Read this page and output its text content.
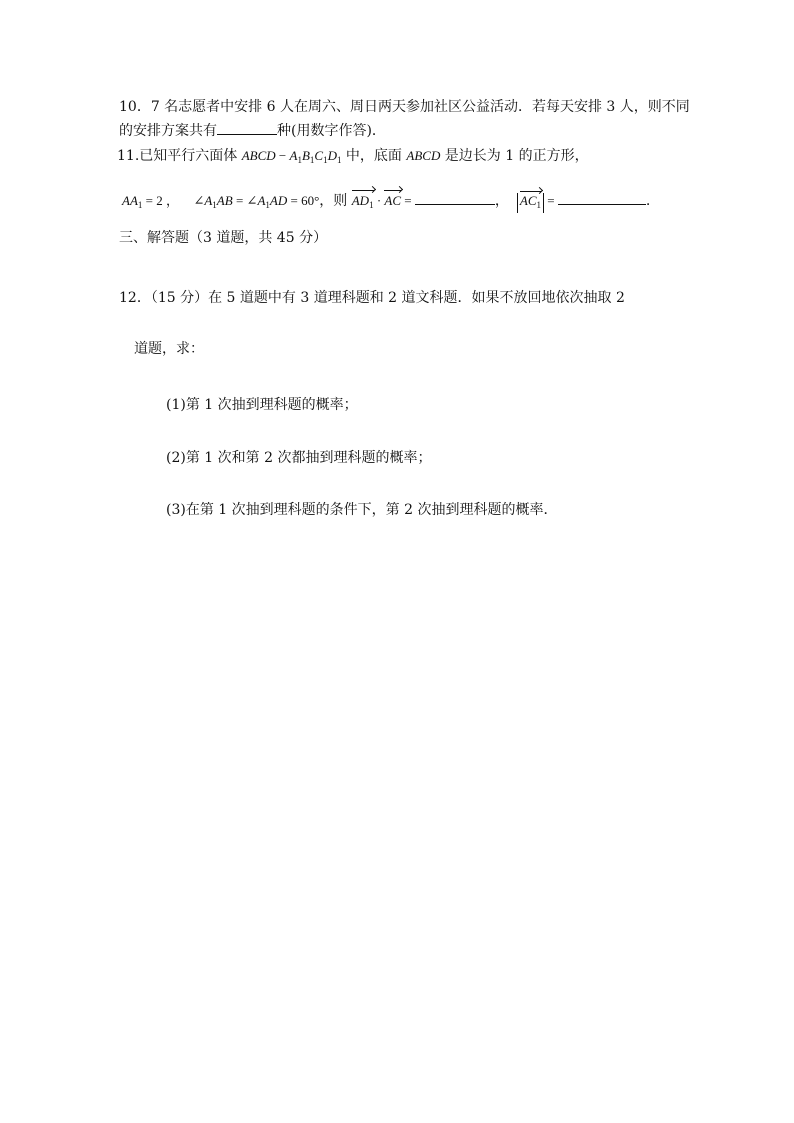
10．7 名志愿者中安排 6 人在周六、周日两天参加社区公益活动．若每天安排 3 人，则不同
的安排方案共有	种(用数字作答)．
11.已知平行六面体 ABCD − $A_1B_1C_1D_1$ 中，底面 ABCD 是边长为 1 的正方形，
$AA_1 = 2$ ， $\angle A_1AB$ = $\angle A_1AD = 60^\circ$，则 $AD_1$ · AC =	， $AC_1$ =	.
三、解答题（3 道题，共 45 分）
12．（15 分）在 5 道题中有 3 道理科题和 2 道文科题．如果不放回地依次抽取 2
道题，求：
(1)第 1 次抽到理科题的概率；
(2)第 1 次和第 2 次都抽到理科题的概率；
(3)在第 1 次抽到理科题的条件下，第 2 次抽到理科题的概率．
